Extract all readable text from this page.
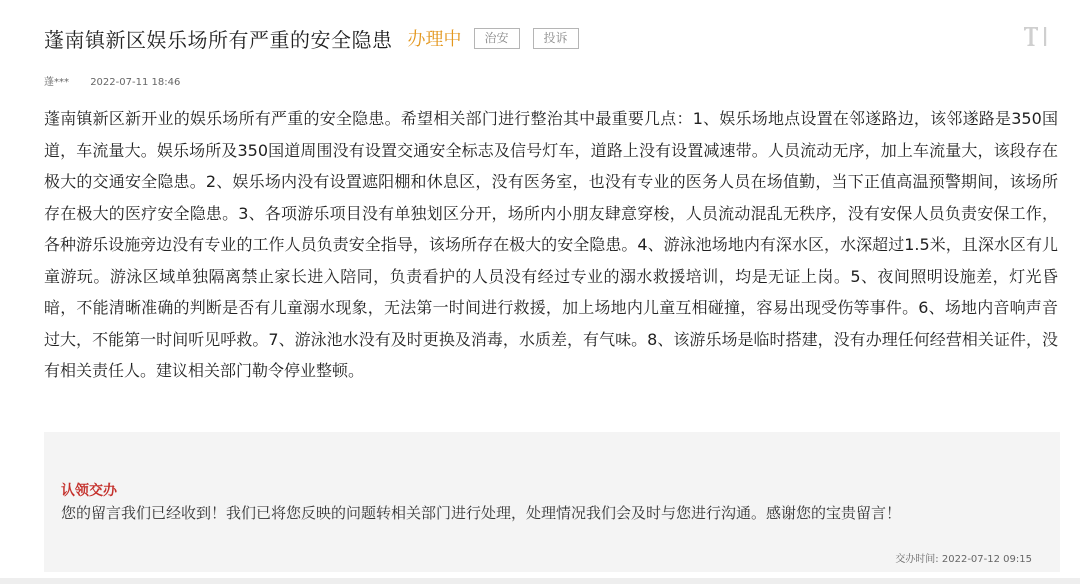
蓬南镇新区娱乐场所有严重的安全隐患 办理中	治安	投诉
蓬*** 2022-07-11 18:46

蓬南镇新区新开业的娱乐场所有严重的安全隐患。希望相关部门进行整治其中最重要几点：1、娱乐场地点设置在邻遂路边，该邻遂路是350国道，车流量大。娱乐场所及350国道周围没有设置交通安全标志及信号灯车，道路上没有设置减速带。人员流动无序，加上车流量大，该段存在极大的交通安全隐患。2、娱乐场内没有设置遮阳棚和休息区，没有医务室，也没有专业的医务人员在场值勤，当下正值高温预警期间，该场所存在极大的医疗安全隐患。3、各项游乐项目没有单独划区分开，场所内小朋友肆意穿梭，人员流动混乱无秩序，没有安保人员负责安保工作，各种游乐设施旁边没有专业的工作人员负责安全指导，该场所存在极大的安全隐患。4、游泳池场地内有深水区，水深超过1.5米，且深水区有儿童游玩。游泳区域单独隔离禁止家长进入陪同，负责看护的人员没有经过专业的溺水救援培训，均是无证上岗。5、夜间照明设施差，灯光昏暗，不能清晰准确的判断是否有儿童溺水现象，无法第一时间进行救援，加上场地内儿童互相碰撞，容易出现受伤等事件。6、场地内音响声音过大，不能第一时间听见呼救。7、游泳池水没有及时更换及消毒，水质差，有气味。8、该游乐场是临时搭建，没有办理任何经营相关证件，没有相关责任人。建议相关部门勒令停业整顿。

认领交办
您的留言我们已经收到！我们已将您反映的问题转相关部门进行处理，处理情况我们会及时与您进行沟通。感谢您的宝贵留言！
交办时间: 2022-07-12 09:15
